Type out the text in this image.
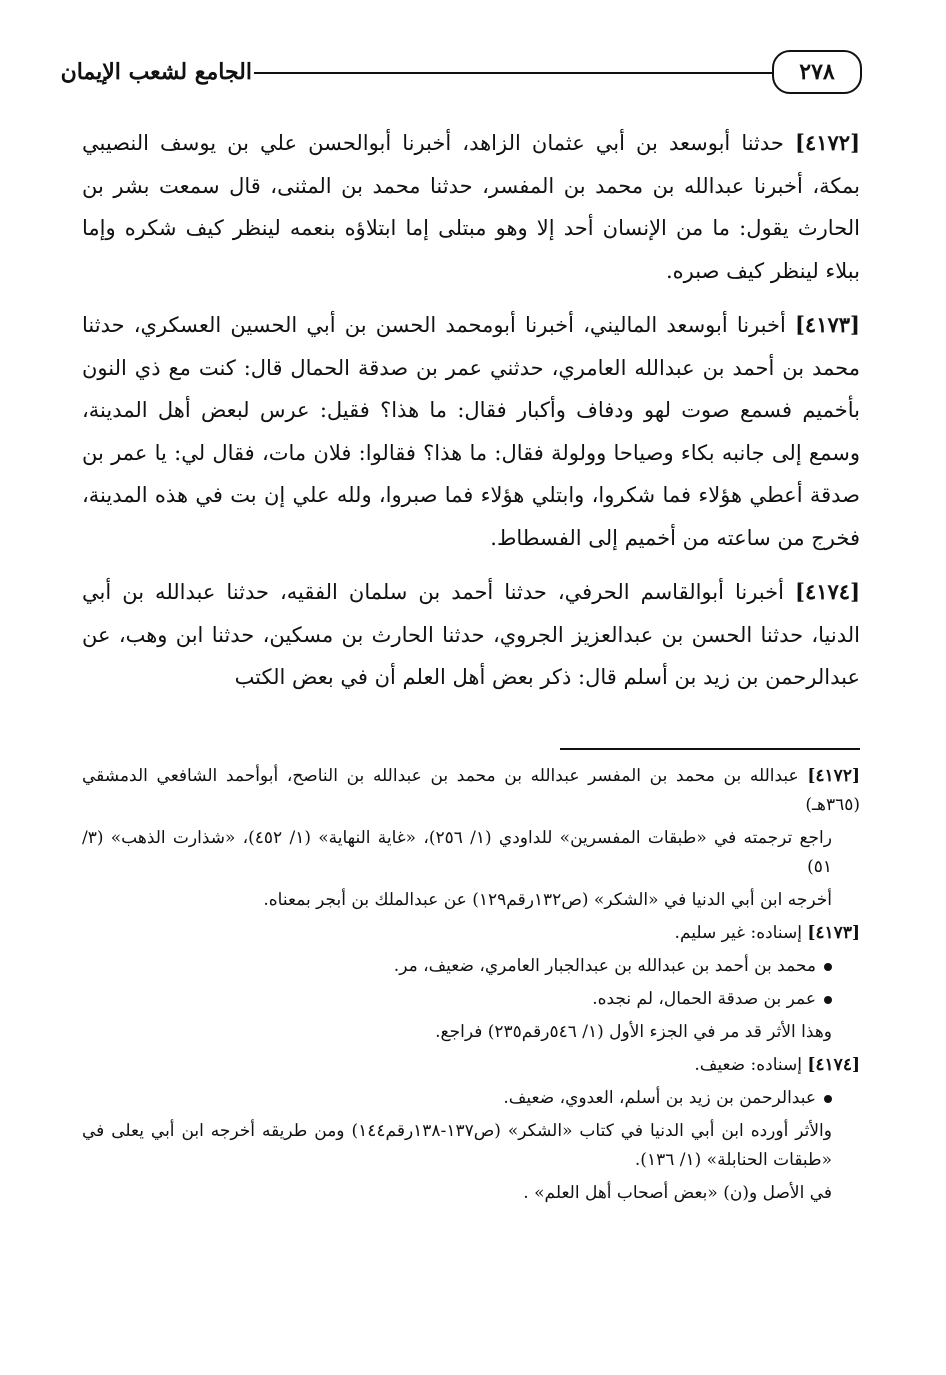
٢٧٨
الجامع لشعب الإيمان

[٤١٧٢] حدثنا أبوسعد بن أبي عثمان الزاهد، أخبرنا أبوالحسن علي بن يوسف النصيبي بمكة، أخبرنا عبدالله بن محمد بن المفسر، حدثنا محمد بن المثنى، قال سمعت بشر بن الحارث يقول: ما من الإنسان أحد إلا وهو مبتلى إما ابتلاؤه بنعمه لينظر كيف شكره وإما ببلاء لينظر كيف صبره.

[٤١٧٣] أخبرنا أبوسعد الماليني، أخبرنا أبومحمد الحسن بن أبي الحسين العسكري، حدثنا محمد بن أحمد بن عبدالله العامري، حدثني عمر بن صدقة الحمال قال: كنت مع ذي النون بأخميم فسمع صوت لهو ودفاف وأكبار فقال: ما هذا؟ فقيل: عرس لبعض أهل المدينة، وسمع إلى جانبه بكاء وصياحا وولولة فقال: ما هذا؟ فقالوا: فلان مات، فقال لي: يا عمر بن صدقة أعطي هؤلاء فما شكروا، وابتلي هؤلاء فما صبروا، ولله علي إن بت في هذه المدينة، فخرج من ساعته من أخميم إلى الفسطاط.

[٤١٧٤] أخبرنا أبوالقاسم الحرفي، حدثنا أحمد بن سلمان الفقيه، حدثنا عبدالله بن أبي الدنيا، حدثنا الحسن بن عبدالعزيز الجروي، حدثنا الحارث بن مسكين، حدثنا ابن وهب، عن عبدالرحمن بن زيد بن أسلم قال: ذكر بعض أهل العلم أن في بعض الكتب

[٤١٧٢] عبدالله بن محمد بن المفسر عبدالله بن محمد بن عبدالله بن الناصح، أبوأحمد الشافعي الدمشقي (٣٦٥هـ)

راجع ترجمته في «طبقات المفسرين» للداودي (١/ ٢٥٦)، «غاية النهاية» (١/ ٤٥٢)، «شذارت الذهب» (٣/ ٥١)

أخرجه ابن أبي الدنيا في «الشكر» (ص١٣٢رقم١٢٩) عن عبدالملك بن أبجر بمعناه.

[٤١٧٣] إسناده: غير سليم.

محمد بن أحمد بن عبدالله بن عبدالجبار العامري، ضعيف، مر.

عمر بن صدقة الحمال، لم نجده.

وهذا الأثر قد مر في الجزء الأول (١/ ٥٤٦رقم٢٣٥) فراجع.

[٤١٧٤] إسناده: ضعيف.

عبدالرحمن بن زيد بن أسلم، العدوي، ضعيف.

والأثر أورده ابن أبي الدنيا في كتاب «الشكر» (ص١٣٧-١٣٨رقم١٤٤) ومن طريقه أخرجه ابن أبي يعلى في «طبقات الحنابلة» (١/ ١٣٦).

في الأصل و(ن) «بعض أصحاب أهل العلم» .
